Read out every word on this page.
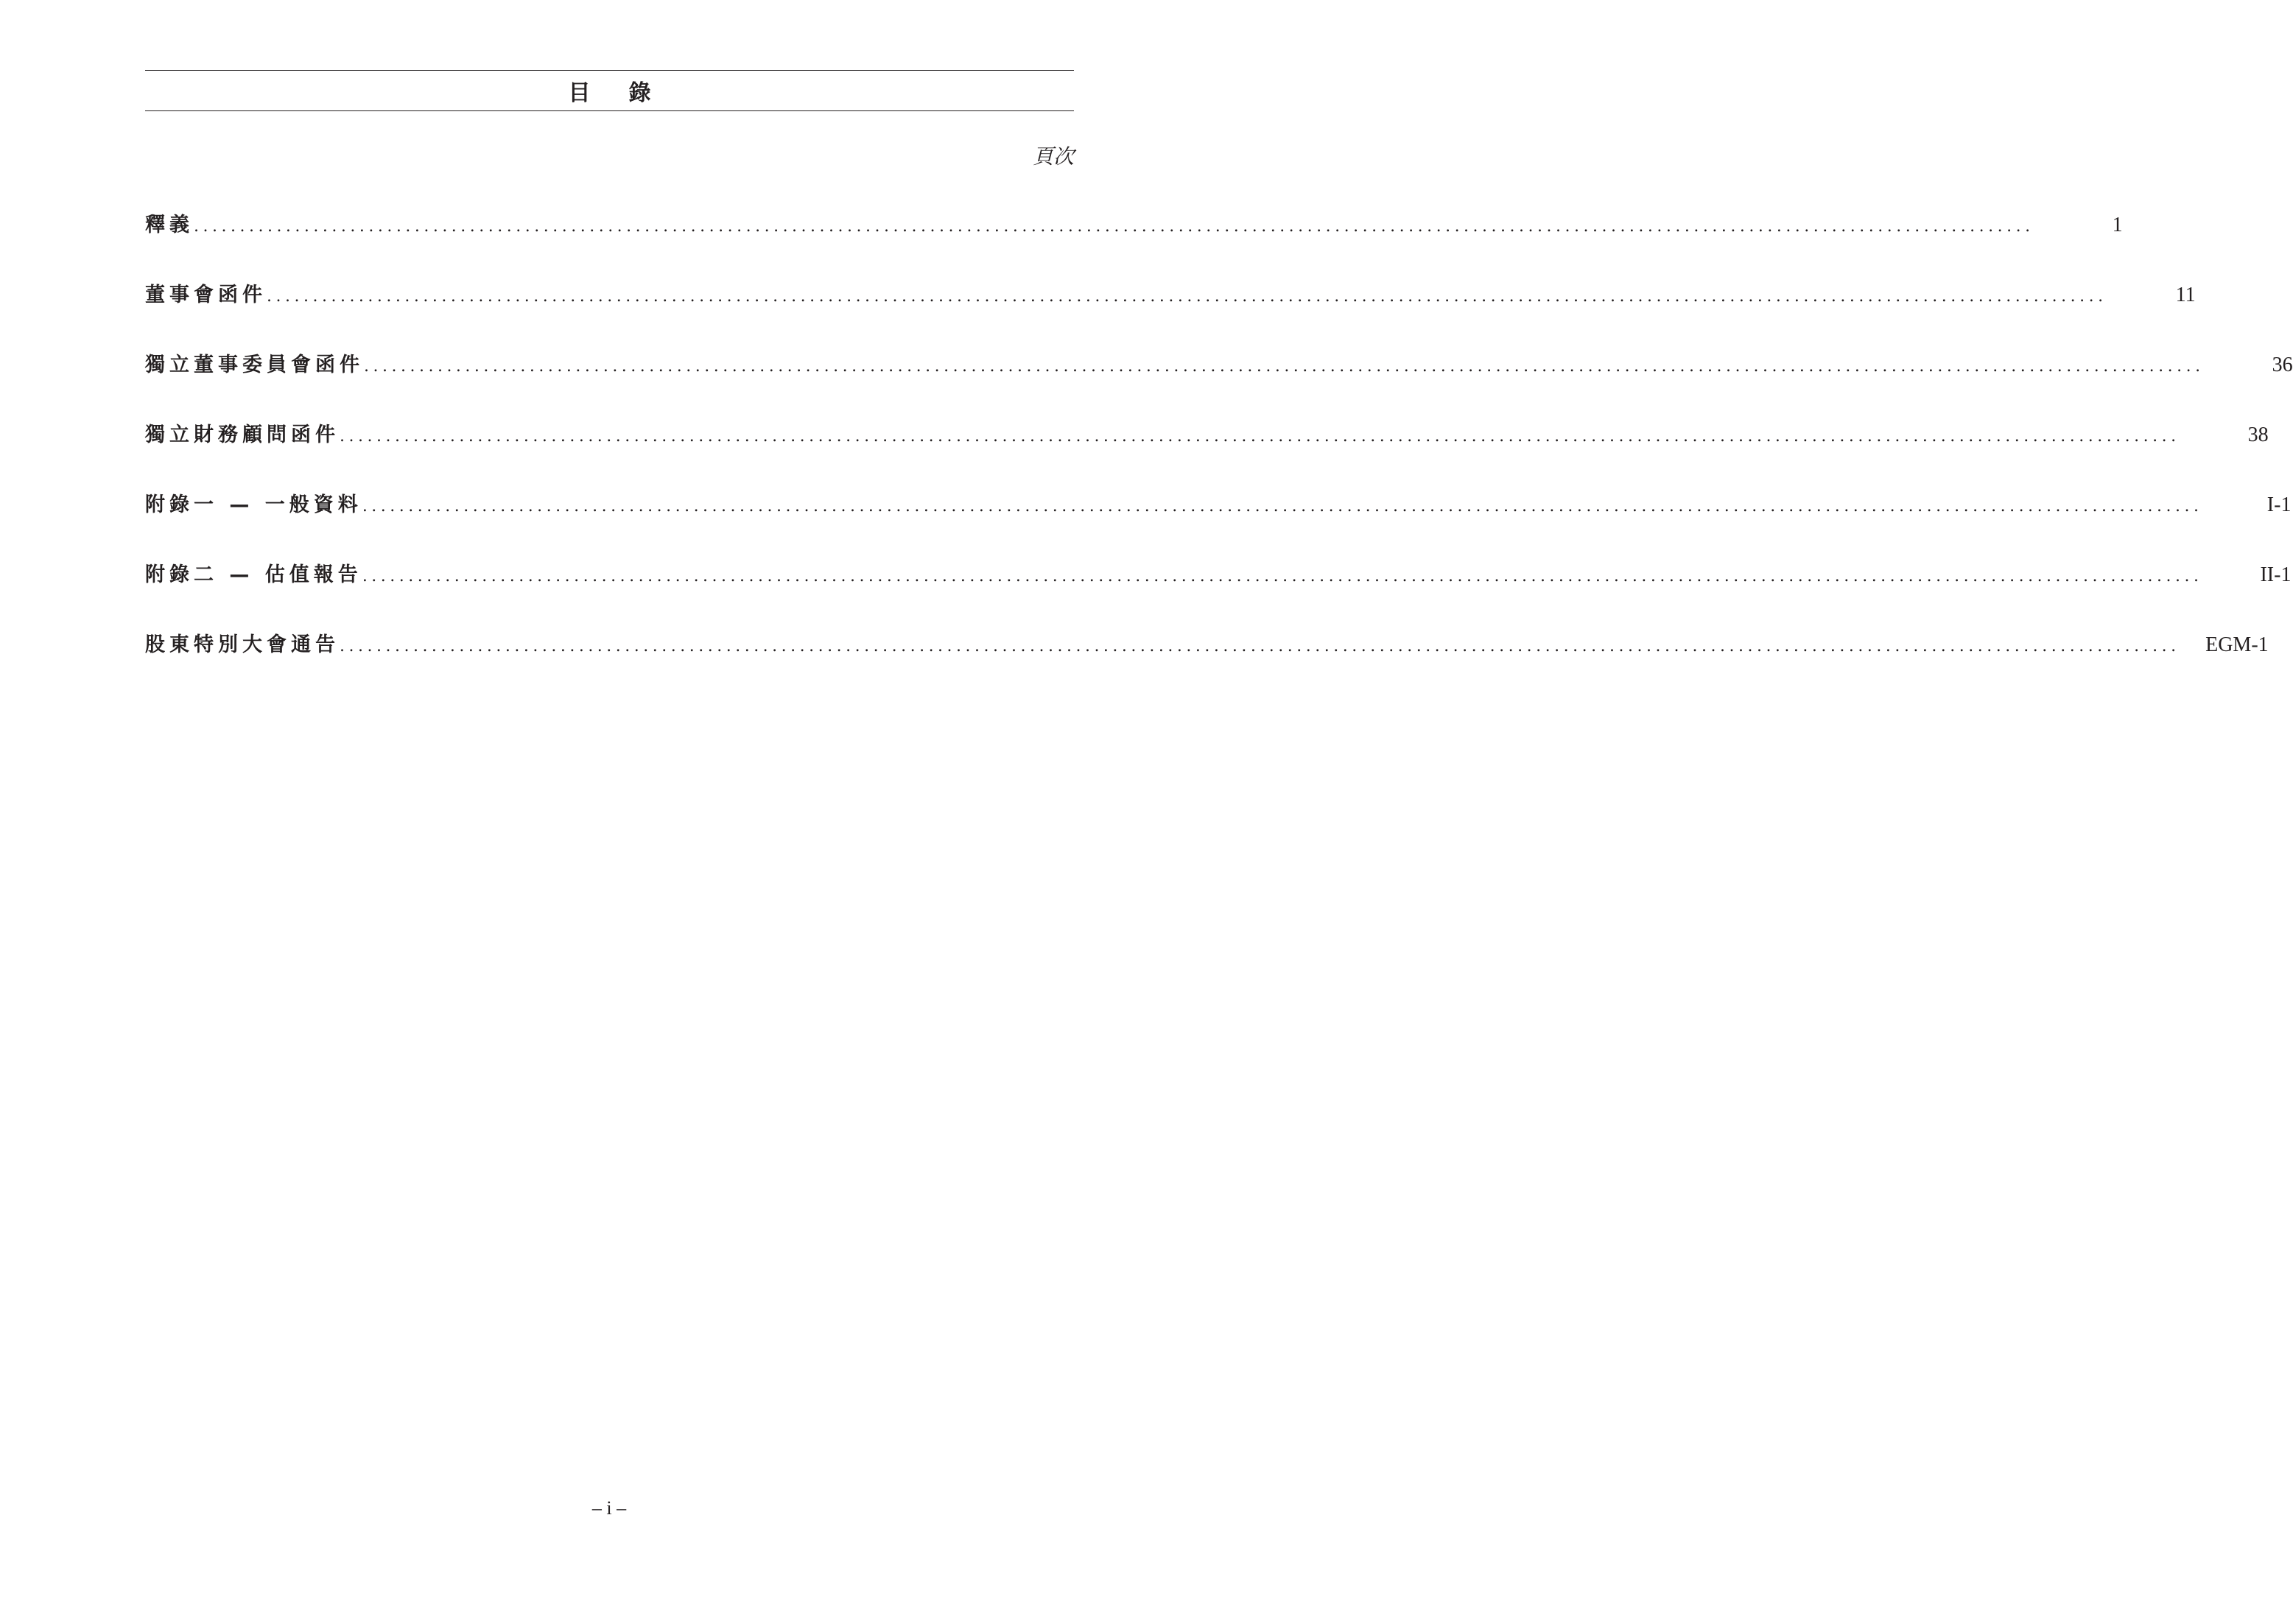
目錄
頁次
釋義 ........................................................................................................................................................................................................	1
董事會函件 ........................................................................................................................................................................................................	11
獨立董事委員會函件 ........................................................................................................................................................................................................	36
獨立財務顧問函件 ........................................................................................................................................................................................................	38
附錄一 — 一般資料 ........................................................................................................................................................................................................	I-1
附錄二 — 估值報告 ........................................................................................................................................................................................................	II-1
股東特別大會通告 ........................................................................................................................................................................................................ EGM-1
– i –
